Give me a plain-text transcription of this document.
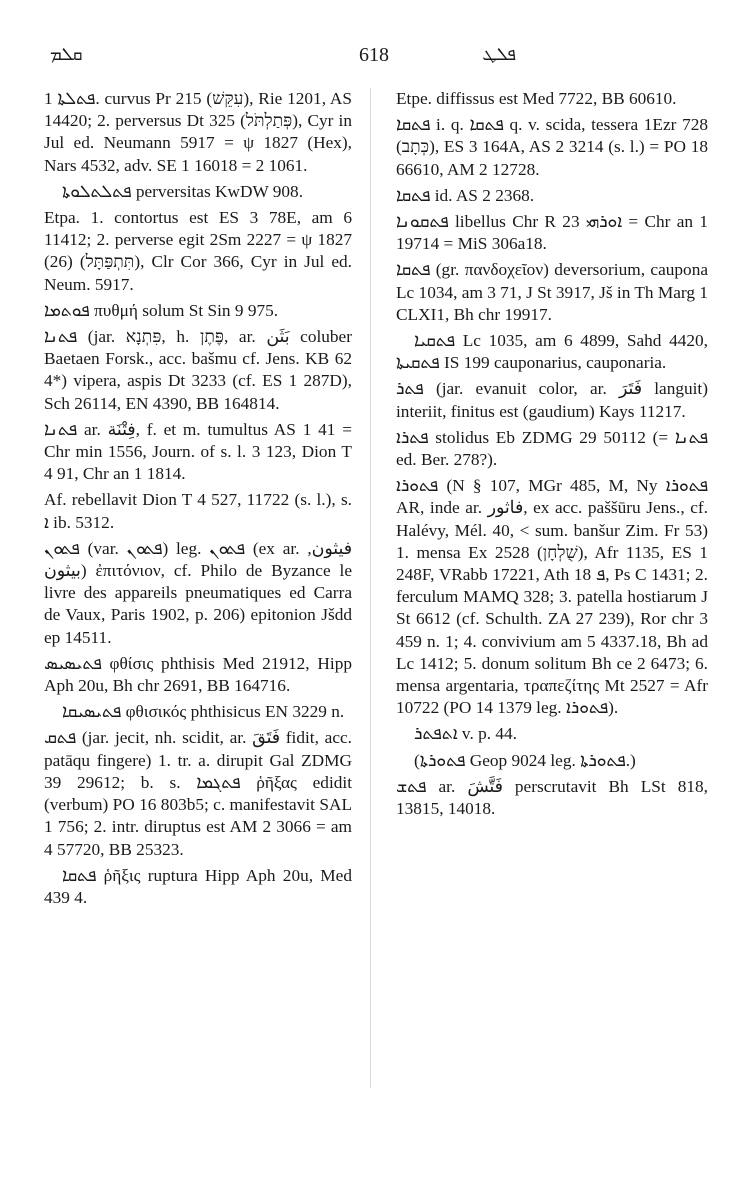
ܩܠܡ	618	ܦܠܛ
ܦܬܠܬܐ 1. curvus Pr 215 (עִקֵּשׁ), Rie 1201, AS 14420; 2. perversus Dt 325 (פְּתַלְתֹּל), Cyr in Jul ed. Neumann 5917 = ψ 1827 (Hex), Nars 4532, adv. SE 1 16018 = 2 1061.
ܦܬܠܬܠܘܬܐ perversitas KwDW 908.
Etpa. 1. contortus est ES 3 78E, am 6 11412; 2. perverse egit 2Sm 2227 = ψ 1827 (26) (תִּתְפַּתָּל), Clr Cor 366, Cyr in Jul ed. Neum. 5917.
ܦܘܬܡܐ πυθμή solum St Sin 9 975.
ܦܬܢܐ (jar. פִּתְנָא, h. פֶּתֶן, ar. بَثَن coluber Baetaen Forsk., acc. bašmu cf. Jens. KB 62 4*) vipera, aspis Dt 3233 (cf. ES 1 287D), Sch 26114, EN 4390, BB 164814.
ܦܬܢܐ ar. فِتْنَة, f. et m. tumultus AS 1 41 = Chr min 1556, Journ. of s. l. 3 123, Dion T 4 91, Chr an 1 1814.
Af. rebellavit Dion T 4 527, 11722 (s. l.), s. ܐ ib. 5312.
ܦܬܘܢ (var. ܦܬܘܢ) leg. ܦܬܘܢ (ex ar. فيثون, بيثون) ἐπιτόνιον, cf. Philo de Byzance le livre des appareils pneumatiques ed Carra de Vaux, Paris 1902, p. 206) epitonion Jšdd ep 14511.
ܦܬܝܣܝܣ φθίσις phthisis Med 21912, Hipp Aph 20u, Bh chr 2691, BB 164716.
ܦܬܝܣܝܩܐ φθισικός phthisicus EN 3229 n.
ܦܬܩ (jar. jecit, nh. scidit, ar. فَتَقَ fidit, acc. patāqu fingere) 1. tr. a. dirupit Gal ZDMG 39 29612; b. s. ܦܬܓܡܐ ῥῆξας edidit (verbum) PO 16 803b5; c. manifestavit SAL 1 756; 2. intr. diruptus est AM 2 3066 = am 4 57720, BB 25323.
ܦܬܩܐ ῥῆξις ruptura Hipp Aph 20u, Med 439 4.
Etpe. diffissus est Med 7722, BB 60610.
ܦܬܩܐ i. q. ܦܬܩܐ q. v. scida, tessera 1Ezr 728 (כְּתָב), ES 3 164A, AS 2 3214 (s. l.) = PO 18 66610, AM 2 12728.
ܦܬܩܐ id. AS 2 2368.
ܦܬܩܘܢܐ libellus Chr R ܐܘܪܗܝ 23 = Chr an 1 19714 = MiS 306a18.
ܦܬܩܐ (gr. πανδοχεῖον) deversorium, caupona Lc 1034, am 3 71, J St 3917, Jš in Th Marg 1 CLXI1, Bh chr 19917.
ܦܬܩܝܐ Lc 1035, am 6 4899, Sahd 4420, ܦܬܩܝܬܐ IS 199 cauponarius, cauponaria.
ܦܬܪ (jar. evanuit color, ar. فَتَرَ languit) interiit, finitus est (gaudium) Kays 11217.
ܦܬܪܐ stolidus Eb ZDMG 29 50112 (= ܦܬܢܐ ed. Ber. 278?).
ܦܬܘܪܐ (N § 107, MGr 485, M, Ny ܦܬܘܪܐ AR, inde ar. فاثور, ex acc. paššūru Jens., cf. Halévy, Mél. 40, < sum. banšur Zim. Fr 53) 1. mensa Ex 2528 (שֻׁלְחָן), Afr 1135, ES 1 248F, VRabb 17221, Ath ܦ 18, Ps C 1431; 2. ferculum MAMQ 328; 3. patella hostiarum J St 6612 (cf. Schulth. ZA 27 239), Ror chr 3 459 n. 1; 4. convivium am 5 4337.18, Bh ad Lc 1412; 5. donum solitum Bh ce 2 6473; 6. mensa argentaria, τραπεζίτης Mt 2527 = Afr 10722 (PO 14 1379 leg. ܦܬܘܪܐ).
ܐܬܦܬܪ v. p. 44.
(ܦܬܘܪܬܐ Geop 9024 leg. ܦܬܘܪܬܐ.)
ܦܬܫ ar. فَتَّشَ perscrutavit Bh LSt 818, 13815, 14018.
